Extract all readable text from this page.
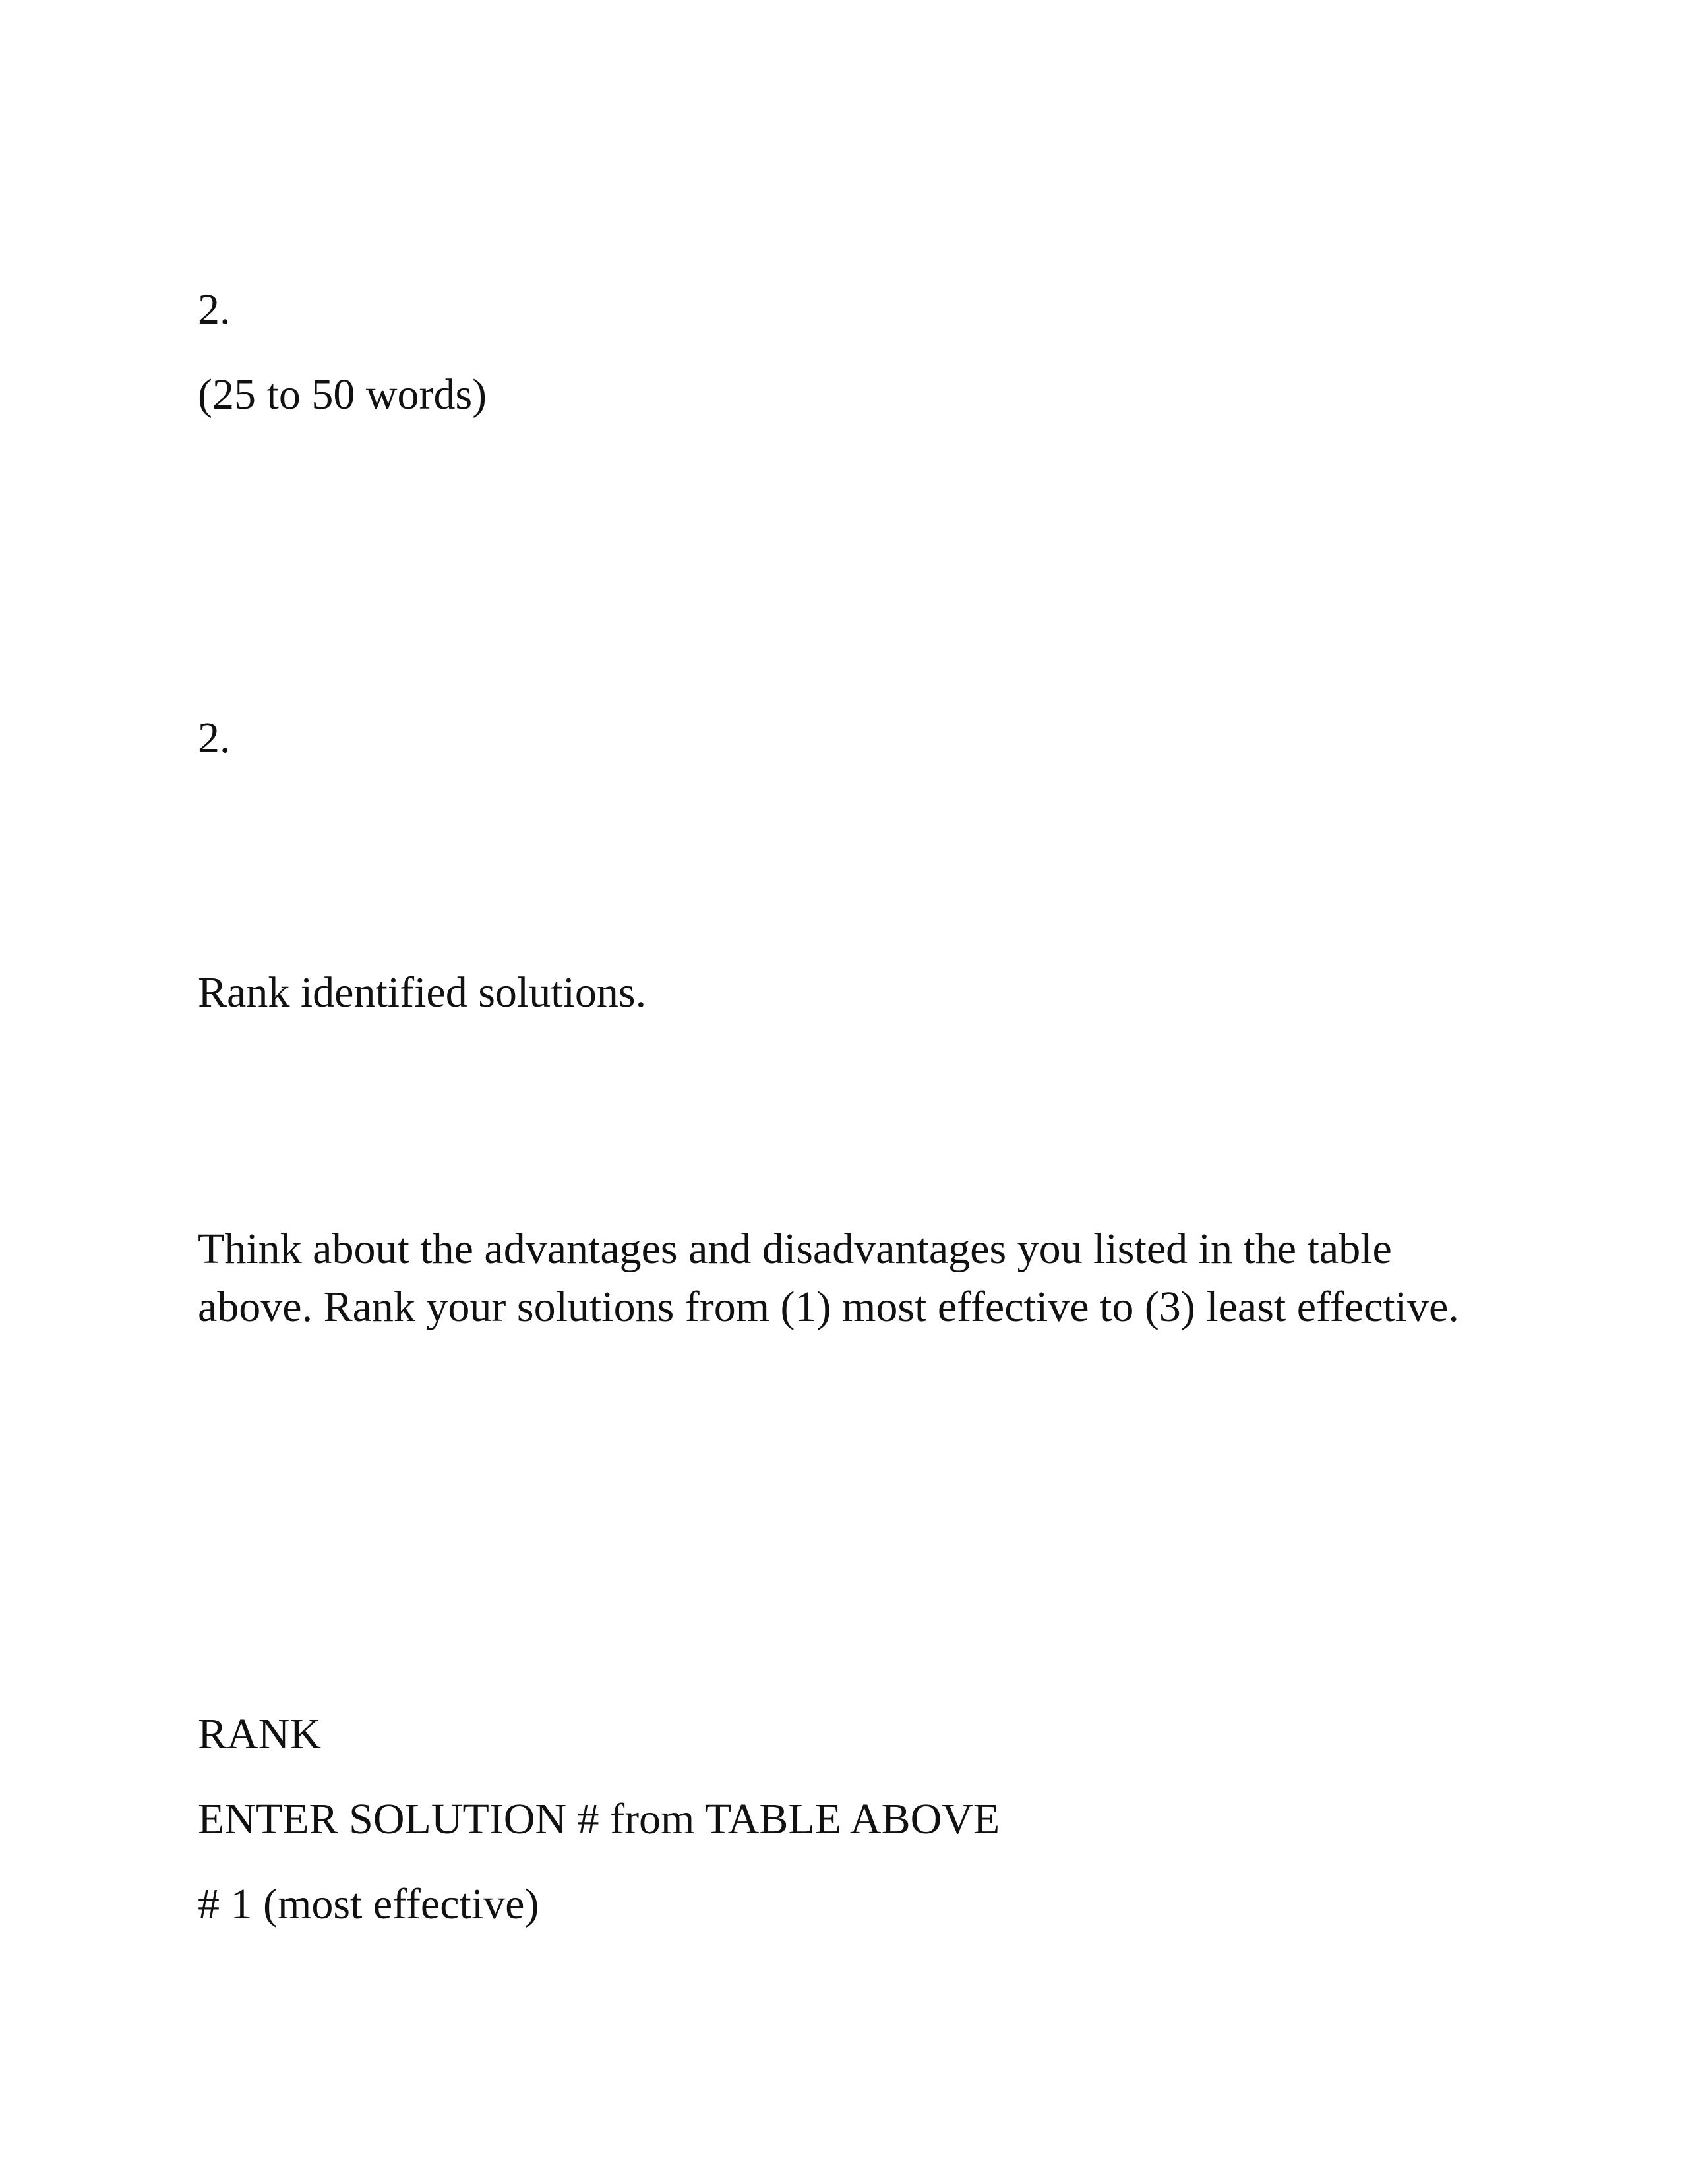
2.

(25 to 50 words)

2.

Rank identified solutions.

Think about the advantages and disadvantages you listed in the table

above. Rank your solutions from (1) most effective to (3) least effective.

RANK

ENTER SOLUTION # from TABLE ABOVE

# 1 (most effective)
